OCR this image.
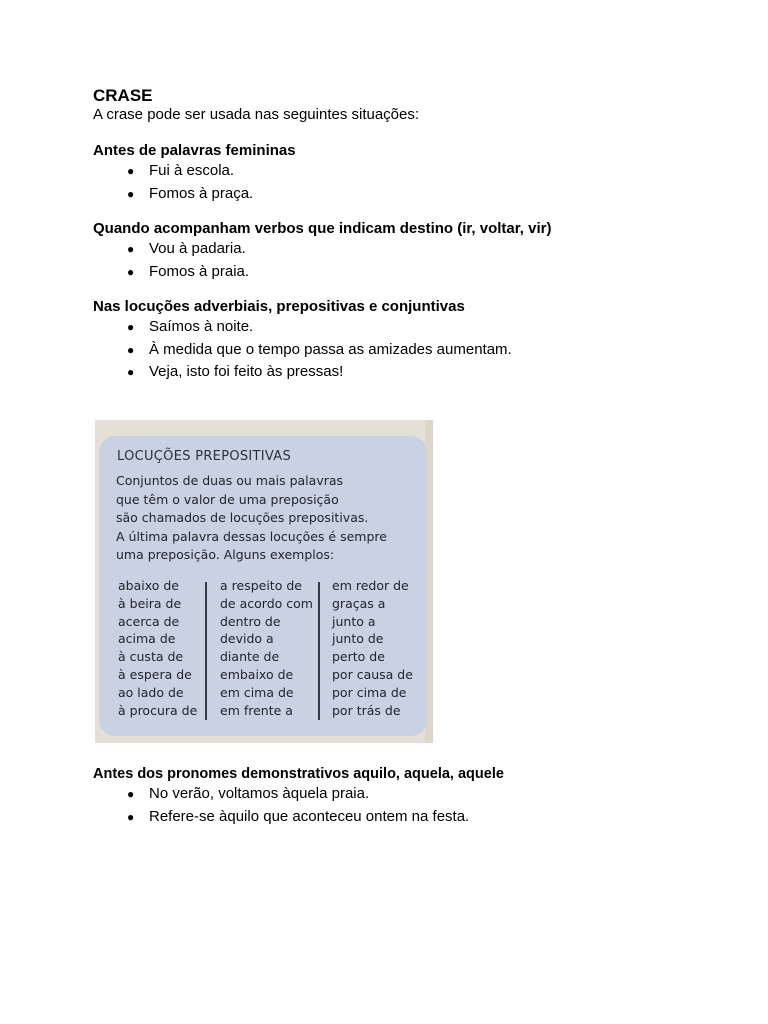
CRASE

A crase pode ser usada nas seguintes situações:

Antes de palavras femininas
● Fui à escola.
● Fomos à praça.
Quando acompanham verbos que indicam destino (ir, voltar, vir)
● Vou à padaria.
● Fomos à praia.
Nas locuções adverbiais, prepositivas e conjuntivas
● Saímos à noite.
● À medida que o tempo passa as amizades aumentam.
● Veja, isto foi feito às pressas!
LOCUÇÕES PREPOSITIVAS
Conjuntos de duas ou mais palavras
que têm o valor de uma preposição
são chamados de locuções prepositivas.
A última palavra dessas locuções é sempre
uma preposição. Alguns exemplos:
abaixo de
à beira de
acerca de
acima de
à custa de
à espera de
ao lado de
à procura de
a respeito de
de acordo com
dentro de
devido a
diante de
embaixo de
em cima de
em frente a
em redor de
graças a
junto a
junto de
perto de
por causa de
por cima de
por trás de
Antes dos pronomes demonstrativos aquilo, aquela, aquele
● No verão, voltamos àquela praia.
● Refere-se àquilo que aconteceu ontem na festa.
